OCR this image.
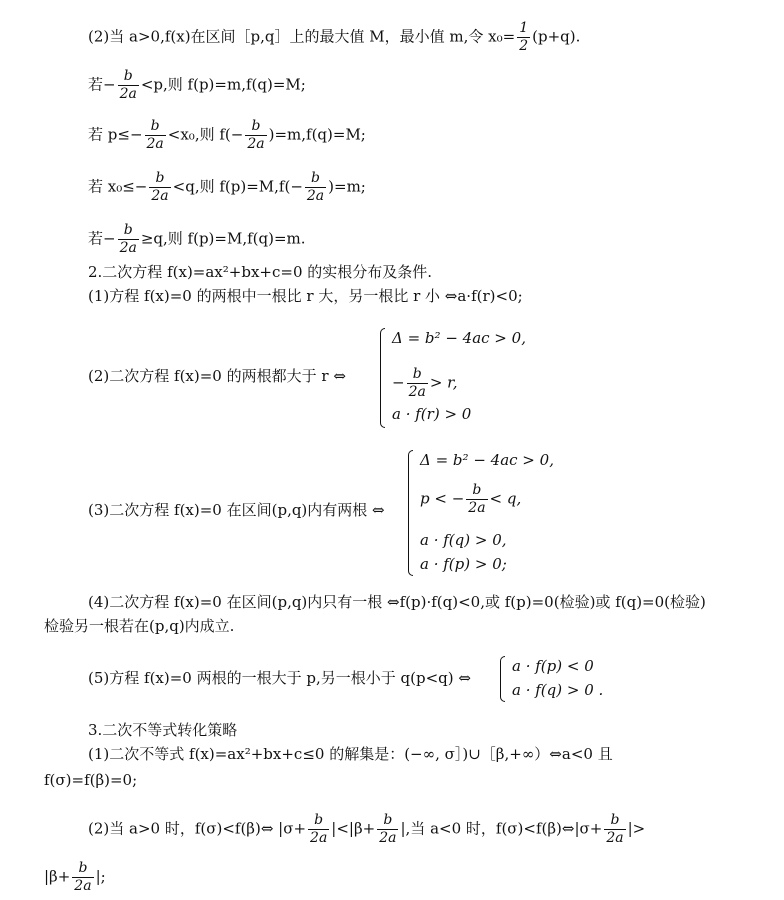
(2)当 a>0,f(x)在区间［p,q］上的最大值 M，最小值 m,令 $x_0= \frac{1}{2} (p+q)$.
若− $\frac{b}{2a} <p$,则 f(p)=m,f(q)=M;
若 $p\le- \frac{b}{2a} <x_0$,则 $f(- \frac{b}{2a} )=m,f(q)=M$;
若 $x_0\le- \frac{b}{2a} <q$,则 $f(p)=M,f(- \frac{b}{2a} )=m$;
若− $\frac{b}{2a} \ge q$,则 f(p)=M,f(q)=m.
2.二次方程 f(x)=ax²+bx+c=0 的实根分布及条件.
(1)方程 f(x)=0 的两根中一根比 r 大，另一根比 r 小 ⇔a·f(r)<0;
(2)二次方程 f(x)=0 的两根都大于 r ⇔
Δ = b² − 4ac > 0,
− $\frac{b}{2a} > r$,
a · f(r) > 0
(3)二次方程 f(x)=0 在区间(p,q)内有两根 ⇔
Δ = b² − 4ac > 0,
p < − $\frac{b}{2a} < q$,
a · f(q) > 0,
a · f(p) > 0;
(4)二次方程 f(x)=0 在区间(p,q)内只有一根 ⇔f(p)·f(q)<0,或 f(p)=0(检验)或 f(q)=0(检验)
检验另一根若在(p,q)内成立.
(5)方程 f(x)=0 两根的一根大于 p,另一根小于 q(p<q) ⇔
a · f(p) < 0
a · f(q) > 0 .
3.二次不等式转化策略
(1)二次不等式 f(x)=ax²+bx+c≤0 的解集是：(−∞, σ］)∪［β,+∞）⇔a<0 且
f(σ)=f(β)=0;
(2)当 a>0 时，f(σ)<f(β)⇔ $|\sigma+ \frac{b}{2a} |<|\beta+ \frac{b}{2a}$ |,当 a<0 时，f(σ)<f(β)⇔|σ+ $\frac{b}{2a}$ |>
$|\beta+ \frac{b}{2a}$ |;
